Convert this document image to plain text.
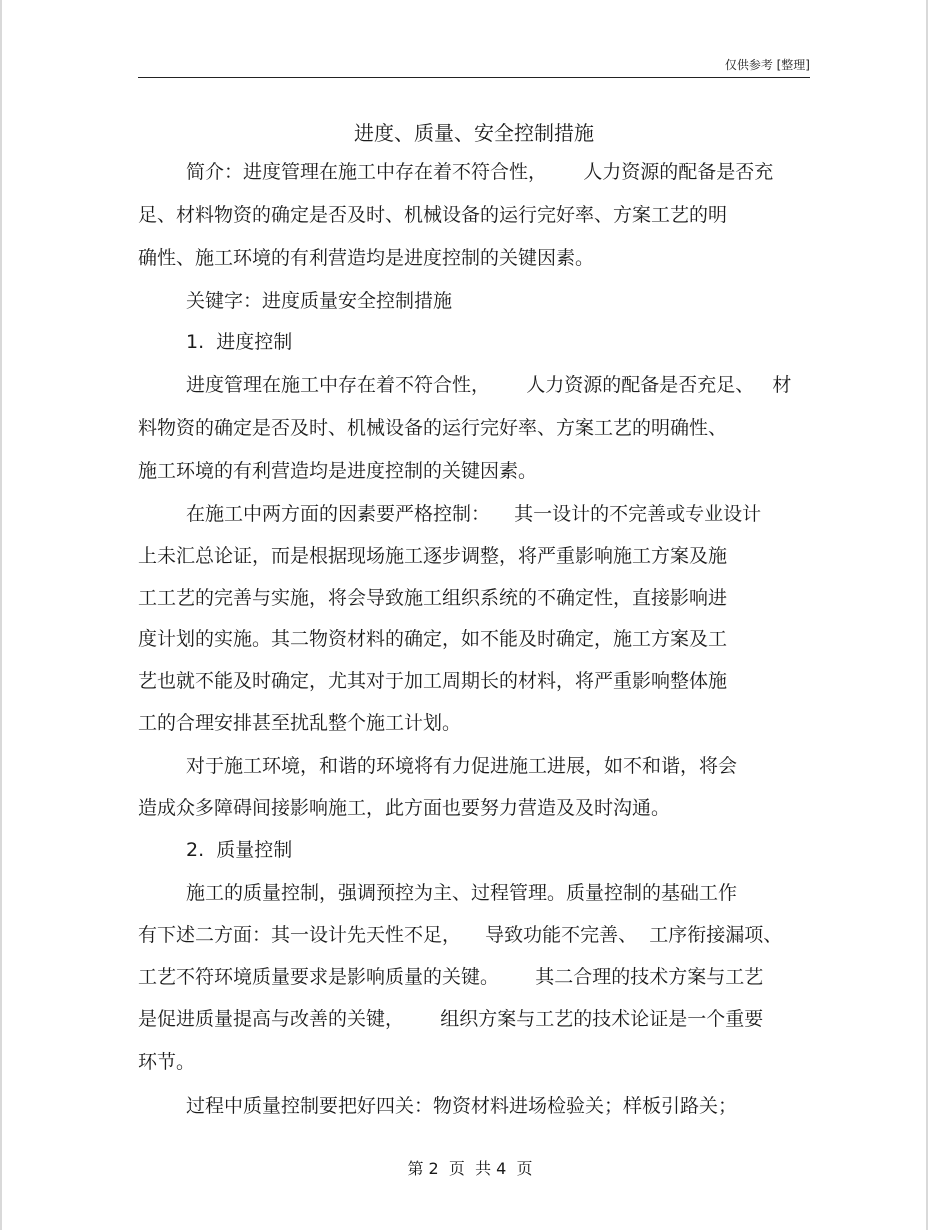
仅供参考 [整理]
进度、质量、安全控制措施
简介：进度管理在施工中存在着不符合性，      人力资源的配备是否充
足、材料物资的确定是否及时、机械设备的运行完好率、方案工艺的明
确性、施工环境的有利营造均是进度控制的关键因素。
关键字：进度质量安全控制措施
1.  进度控制
进度管理在施工中存在着不符合性，      人力资源的配备是否充足、   材
料物资的确定是否及时、机械设备的运行完好率、方案工艺的明确性、
施工环境的有利营造均是进度控制的关键因素。
在施工中两方面的因素要严格控制：    其一设计的不完善或专业设计
上未汇总论证，而是根据现场施工逐步调整，将严重影响施工方案及施
工工艺的完善与实施，将会导致施工组织系统的不确定性，直接影响进
度计划的实施。其二物资材料的确定，如不能及时确定，施工方案及工
艺也就不能及时确定，尤其对于加工周期长的材料，将严重影响整体施
工的合理安排甚至扰乱整个施工计划。
对于施工环境，和谐的环境将有力促进施工进展，如不和谐，将会
造成众多障碍间接影响施工，此方面也要努力营造及及时沟通。
2.  质量控制
施工的质量控制，强调预控为主、过程管理。质量控制的基础工作
有下述二方面：其一设计先天性不足，    导致功能不完善、  工序衔接漏项、
工艺不符环境质量要求是影响质量的关键。      其二合理的技术方案与工艺
是促进质量提高与改善的关键，      组织方案与工艺的技术论证是一个重要
环节。
过程中质量控制要把好四关：物资材料进场检验关；样板引路关；
第 2  页  共 4  页
